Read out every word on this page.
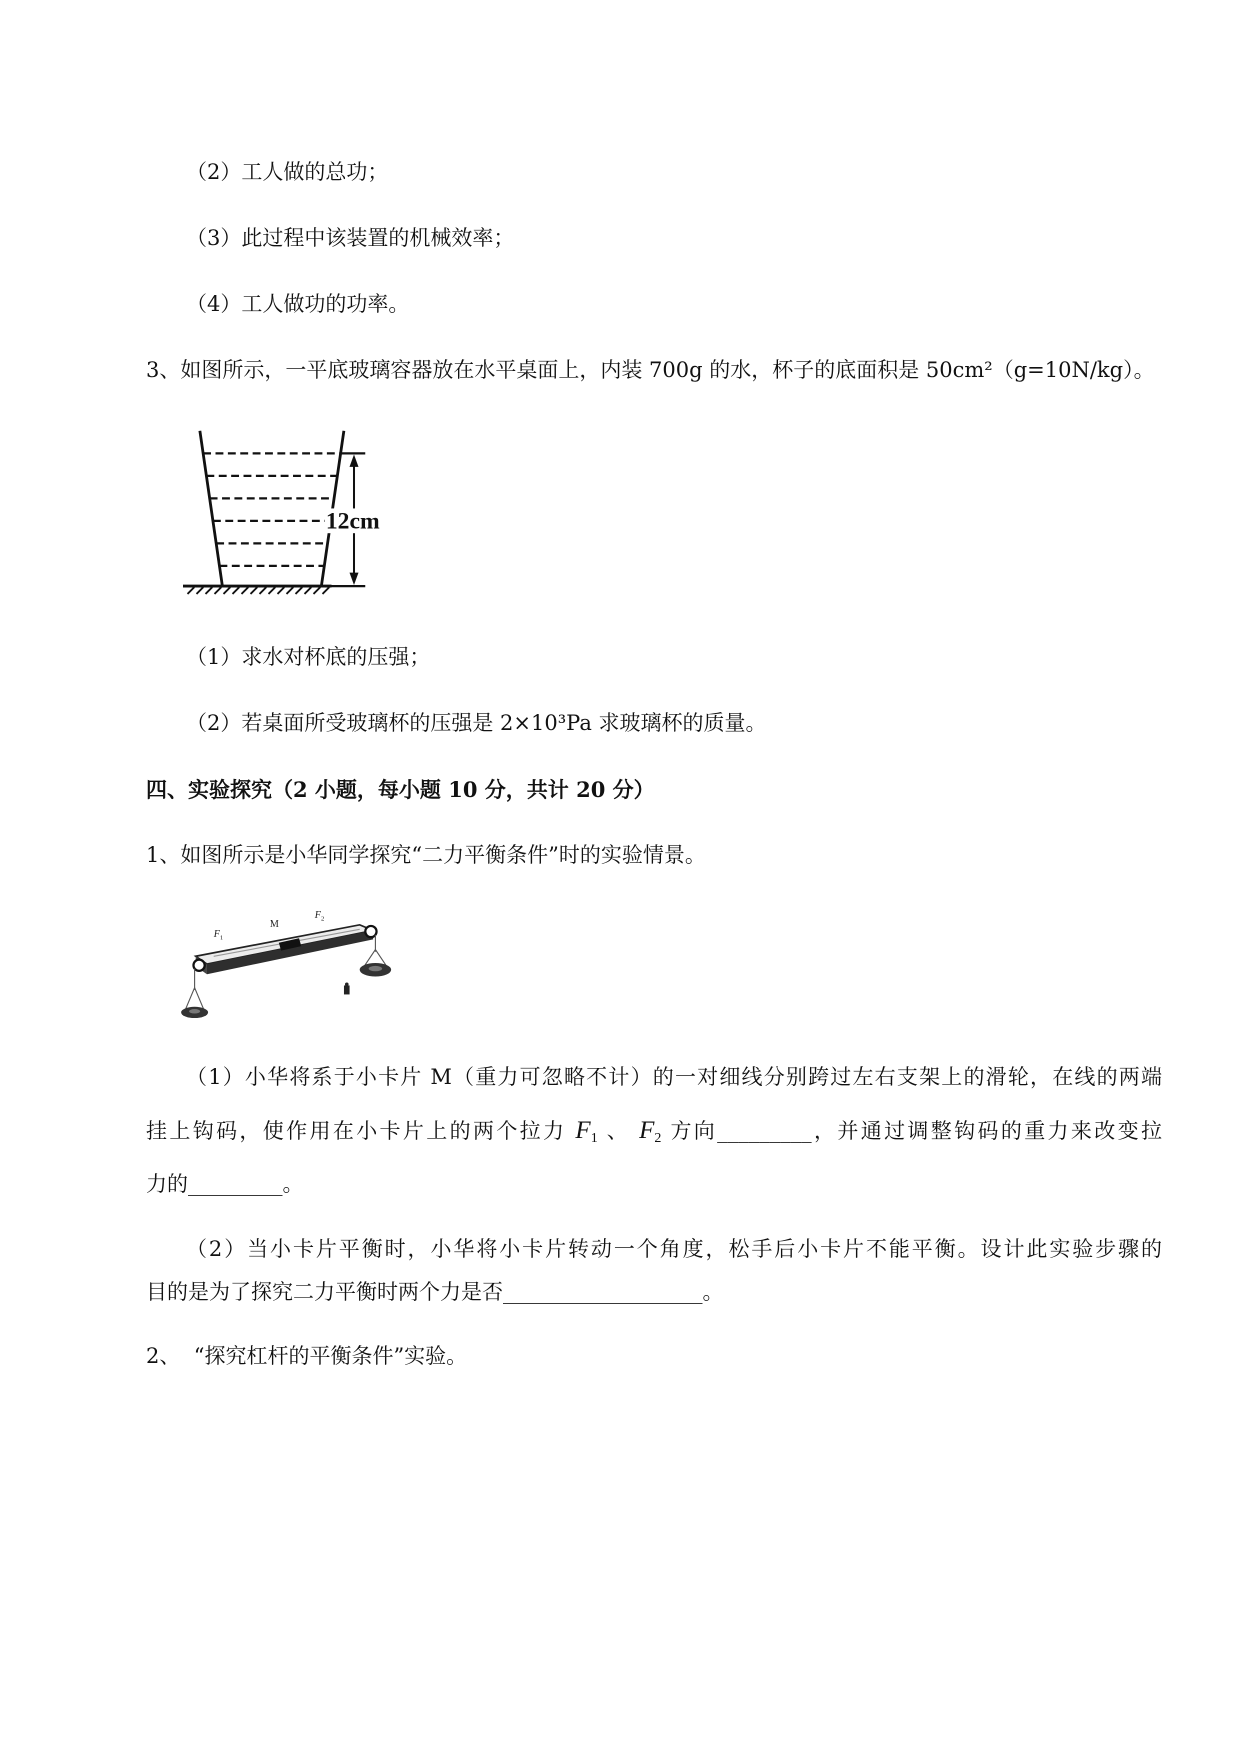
（2）工人做的总功；
（3）此过程中该装置的机械效率；
（4）工人做功的功率。
3、如图所示，一平底玻璃容器放在水平桌面上，内装 700g 的水，杯子的底面积是 50cm²（g=10N/kg）。
12cm
（1）求水对杯底的压强；
（2）若桌面所受玻璃杯的压强是 2×10³Pa 求玻璃杯的质量。
四、实验探究（2 小题，每小题 10 分，共计 20 分）
1、如图所示是小华同学探究“二力平衡条件”时的实验情景。
$F_1$
M
$F_2$
（1）小华将系于小卡片 M（重力可忽略不计）的一对细线分别跨过左右支架上的滑轮，在线的两端
挂上钩码，使作用在小卡片上的两个拉力 $F_1$ 、 $F_2$ 方向_________，并通过调整钩码的重力来改变拉
力的_________。
（2）当小卡片平衡时，小华将小卡片转动一个角度，松手后小卡片不能平衡。设计此实验步骤的
目的是为了探究二力平衡时两个力是否___________________。
2、  “探究杠杆的平衡条件”实验。
